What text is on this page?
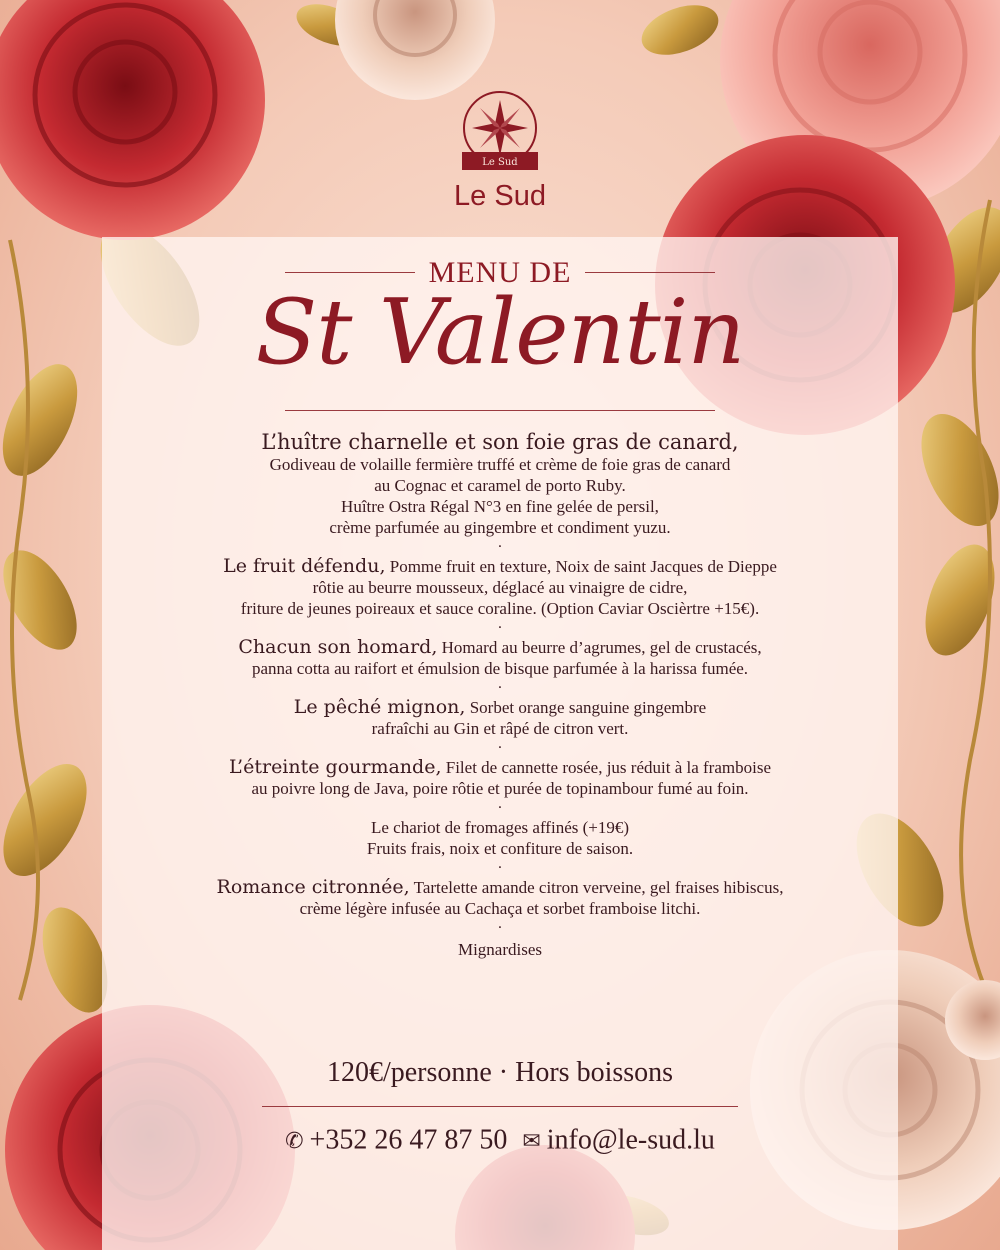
Le Sud
Le Sud
MENU DE
St Valentin
L’huître charnelle et son foie gras de canard,
Godiveau de volaille fermière truffé et crème de foie gras de canard
au Cognac et caramel de porto Ruby.
Huître Ostra Régal N°3 en fine gelée de persil,
crème parfumée au gingembre et condiment yuzu.
·
Le fruit défendu, Pomme fruit en texture, Noix de saint Jacques de Dieppe
rôtie au beurre mousseux, déglacé au vinaigre de cidre,
friture de jeunes poireaux et sauce coraline. (Option Caviar Oscièrtre +15€).
·
Chacun son homard, Homard au beurre d’agrumes, gel de crustacés,
panna cotta au raifort et émulsion de bisque parfumée à la harissa fumée.
·
Le pêché mignon, Sorbet orange sanguine gingembre
rafraîchi au Gin et râpé de citron vert.
·
L’étreinte gourmande, Filet de cannette rosée, jus réduit à la framboise
au poivre long de Java, poire rôtie et purée de topinambour fumé au foin.
·
Le chariot de fromages affinés (+19€)
Fruits frais, noix et confiture de saison.
·
Romance citronnée, Tartelette amande citron verveine, gel fraises hibiscus,
crème légère infusée au Cachaça et sorbet framboise litchi.
·
Mignardises
120€/personne · Hors boissons
✆ +352 26 47 87 50 ✉ info@le-sud.lu
